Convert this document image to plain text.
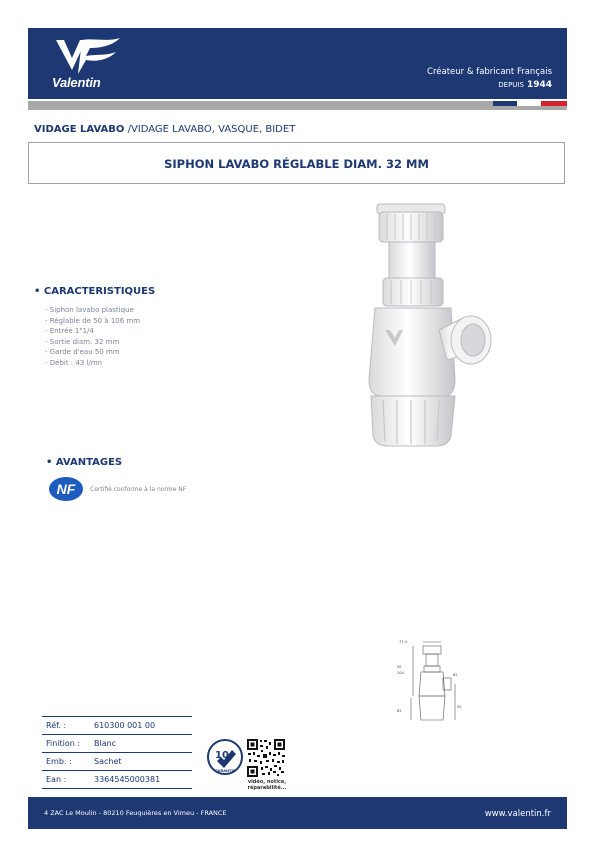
Valentin
Créateur & fabricant Français
DEPUIS 1944
VIDAGE LAVABO /VIDAGE LAVABO, VASQUE, BIDET
SIPHON LAVABO RÉGLABLE DIAM. 32 MM
• CARACTERISTIQUES
- Siphon lavabo plastique
- Réglable de 50 à 106 mm
- Entrée 1"1/4
- Sortie diam. 32 mm
- Garde d'eau 50 mm
- Débit : 43 l/mn
• AVANTAGES
NF Certifié conforme à la norme NF
77.4
50
104
82
82
50
Réf. :	610300 001 00
Finition :	Blanc
Emb. :	Sachet
Ean :	3364545000381
10
GARANTIE
vidéo, notice, réparabilité...
4 ZAC Le Moulin - 80210 Feuquières en Vimeu - FRANCE	www.valentin.fr
